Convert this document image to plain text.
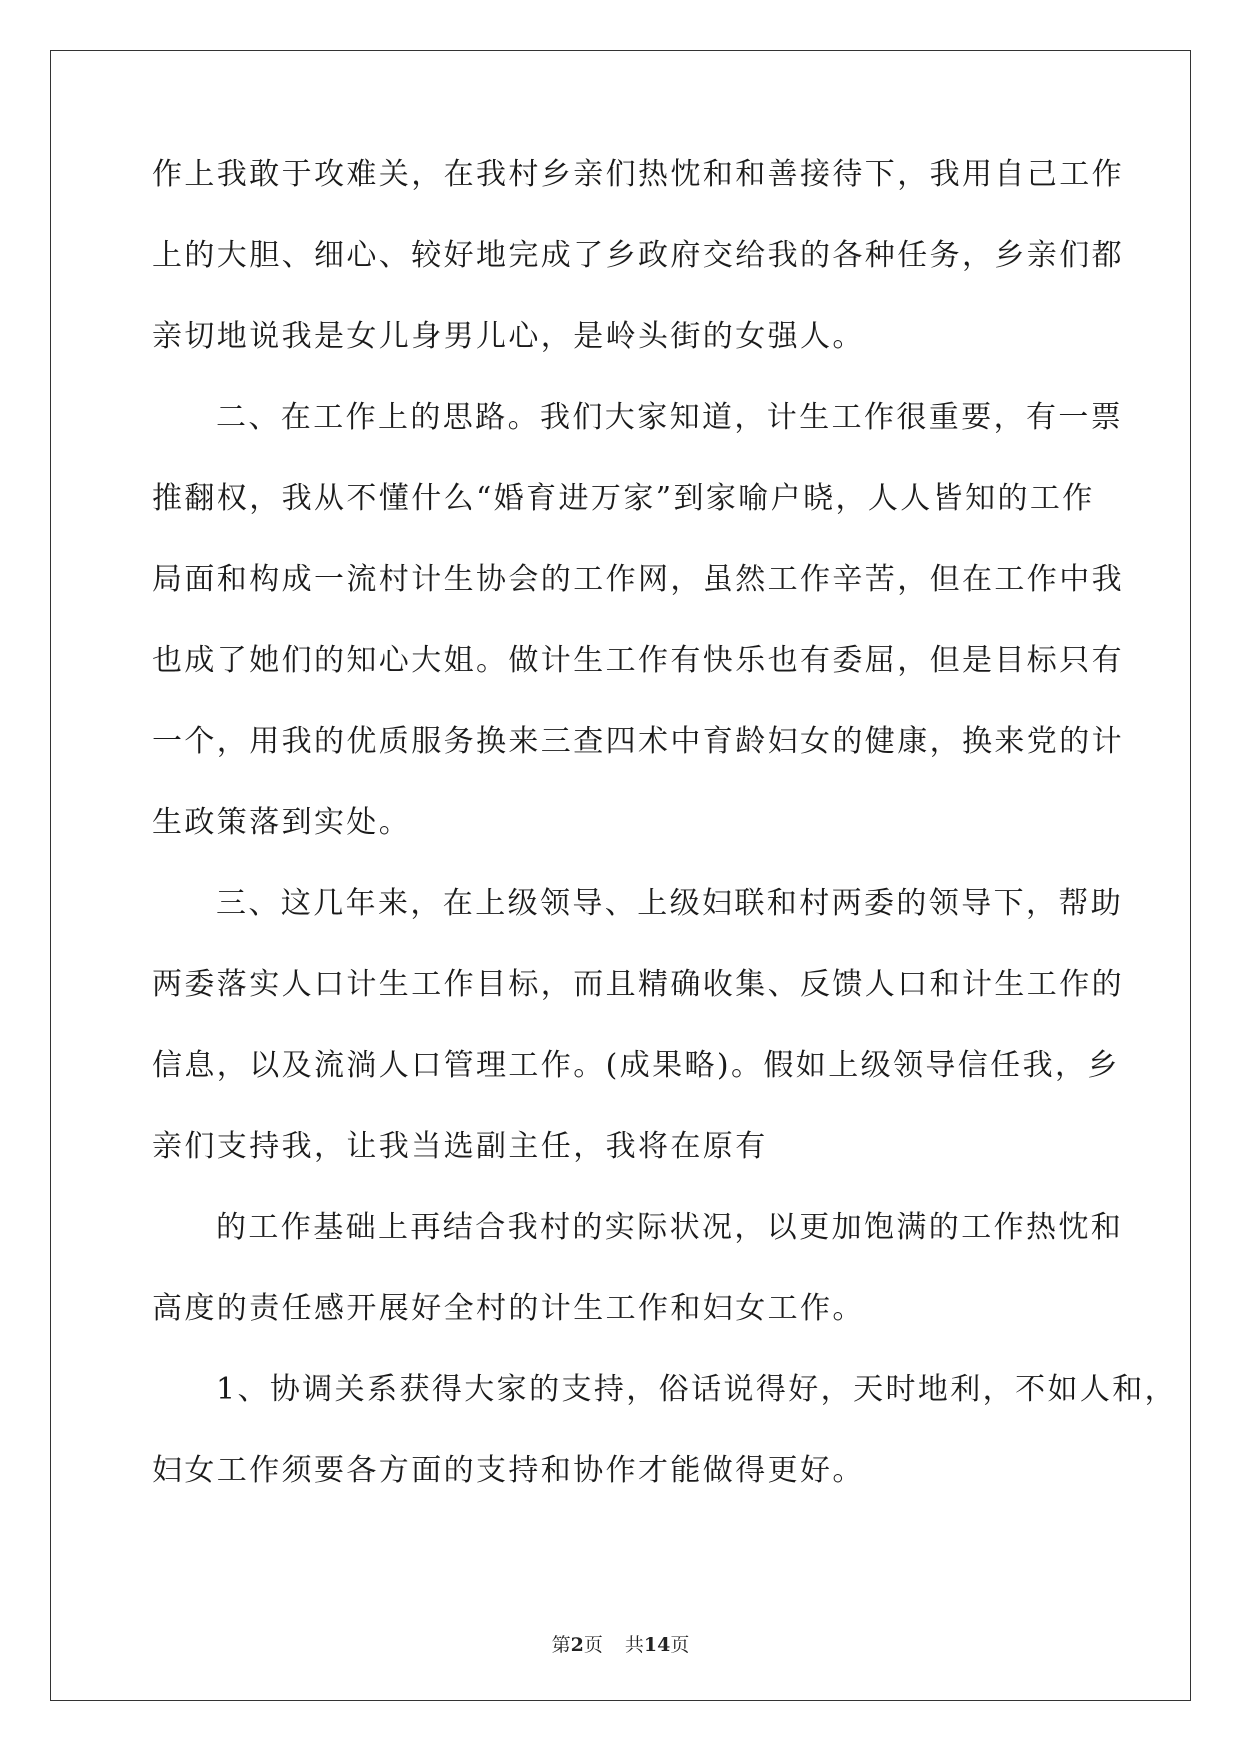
作上我敢于攻难关，在我村乡亲们热忱和和善接待下，我用自己工作
上的大胆、细心、较好地完成了乡政府交给我的各种任务，乡亲们都
亲切地说我是女儿身男儿心，是岭头街的女强人。
二、在工作上的思路。我们大家知道，计生工作很重要，有一票
推翻权，我从不懂什么“婚育进万家”到家喻户晓，人人皆知的工作
局面和构成一流村计生协会的工作网，虽然工作辛苦，但在工作中我
也成了她们的知心大姐。做计生工作有快乐也有委屈，但是目标只有
一个，用我的优质服务换来三查四术中育龄妇女的健康，换来党的计
生政策落到实处。
三、这几年来，在上级领导、上级妇联和村两委的领导下，帮助
两委落实人口计生工作目标，而且精确收集、反馈人口和计生工作的
信息，以及流淌人口管理工作。(成果略)。假如上级领导信任我，乡
亲们支持我，让我当选副主任，我将在原有
的工作基础上再结合我村的实际状况，以更加饱满的工作热忱和
高度的责任感开展好全村的计生工作和妇女工作。
1、协调关系获得大家的支持，俗话说得好，天时地利，不如人和，
妇女工作须要各方面的支持和协作才能做得更好。
第2页 共14页
